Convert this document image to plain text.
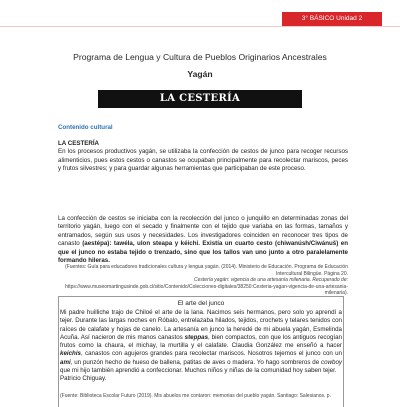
3° BÁSICO Unidad 2
Programa de Lengua y Cultura de Pueblos Originarios Ancestrales
Yagán
LA CESTERÍA
Contenido cultural
LA CESTERÍA
En los procesos productivos yagán, se utilizaba la confección de cestos de junco para recoger recursos alimenticios, pues estos cestos o canastos se ocupaban principalmente para recolectar mariscos, peces y frutos silvestres; y para guardar algunas herramientas que participaban de este proceso.
La confección de cestos se iniciaba con la recolección del junco o junquillo en determinadas zonas del territorio yagán, luego con el secado y finalmente con el tejido que variaba en las formas, tamaños y entramados, según sus usos y necesidades. Los investigadores coinciden en reconocer tres tipos de canasto (aestépa): tawéla, ulon steapa y kéichi. Existía un cuarto cesto (chiwanúsh/Ciwánuš) en que el junco no estaba tejido o trenzado, sino que los tallos van uno junto a otro paralelamente formando hileras.
(Fuentes: Guía para educadores tradicionales cultura y lengua yagán. (2014). Ministerio de Educación. Programa de Educación Intercultural Bilingüe. Página 20.
Cestería yagán: vigencia de una artesanía milenaria. Recuperado de:
https://www.museomartingusinde.gob.cl/sitio/Contenido/Colecciones-digitales/38250:Cesteria-yagan-vigencia-de-una-artesania-milenaria).
El arte del junco
Mi padre huilliche trajo de Chiloé el arte de la lana. Nacimos seis hermanos, pero solo yo aprendí a tejer. Durante las largas noches en Róbalo, entrelazaba hilados, tejidos, crochets y telares tenidos con raíces de calafate y hojas de canelo. La artesanía en junco la heredé de mi abuela yagán, Esmelinda Acuña. Así nacieron de mis manos canastos steppas, bien compactos, con que los antiguos recogían frutos como la chaura, el michay, la murtilla y el calafate. Claudia González me enseñó a hacer keichis, canastos con agujeros grandes para recolectar mariscos. Nosotros tejemos el junco con un ami, un punzón hecho de hueso de ballena, patitas de aves o madera. Yo hago sombreros de cowboy que mi hijo también aprendió a confeccionar. Muchos niños y niñas de la comunidad hoy saben tejer.
Patricio Chiguay.
(Fuente: Biblioteca Escolar Futuro (2019). Mis abuelos me contaron: memorias del pueblo yagán. Santiago: Salesianos. p.
